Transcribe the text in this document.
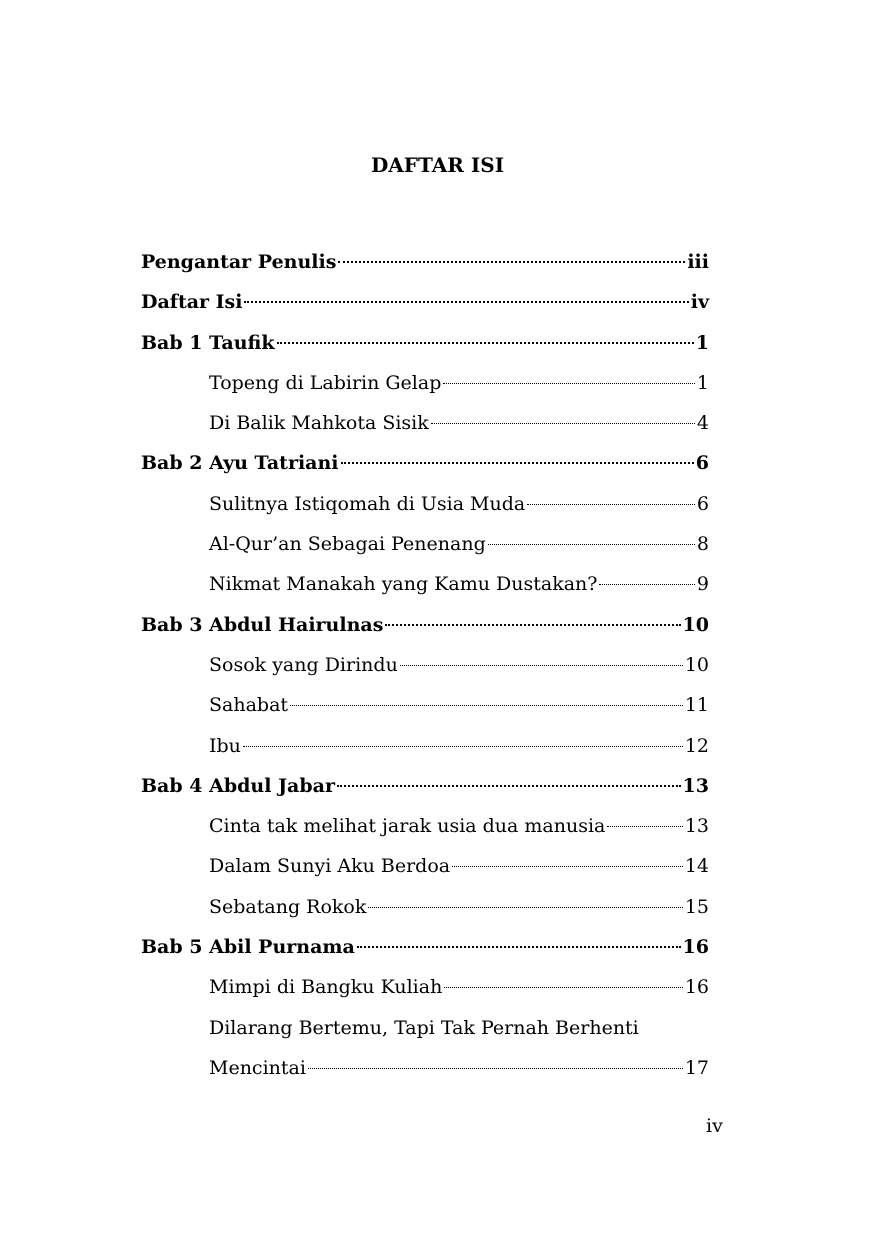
DAFTAR ISI
Pengantar Penulis	iii
Daftar Isi	iv
Bab 1 Taufik	1
Topeng di Labirin Gelap	1
Di Balik Mahkota Sisik	4
Bab 2 Ayu Tatriani	6
Sulitnya Istiqomah di Usia Muda	6
Al-Qur’an Sebagai Penenang	8
Nikmat Manakah yang Kamu Dustakan?	9
Bab 3 Abdul Hairulnas	10
Sosok yang Dirindu	10
Sahabat	11
Ibu	12
Bab 4 Abdul Jabar	13
Cinta tak melihat jarak usia dua manusia	13
Dalam Sunyi Aku Berdoa	14
Sebatang Rokok	15
Bab 5 Abil Purnama	16
Mimpi di Bangku Kuliah	16
Dilarang Bertemu, Tapi Tak Pernah Berhenti
Mencintai	17
iv
